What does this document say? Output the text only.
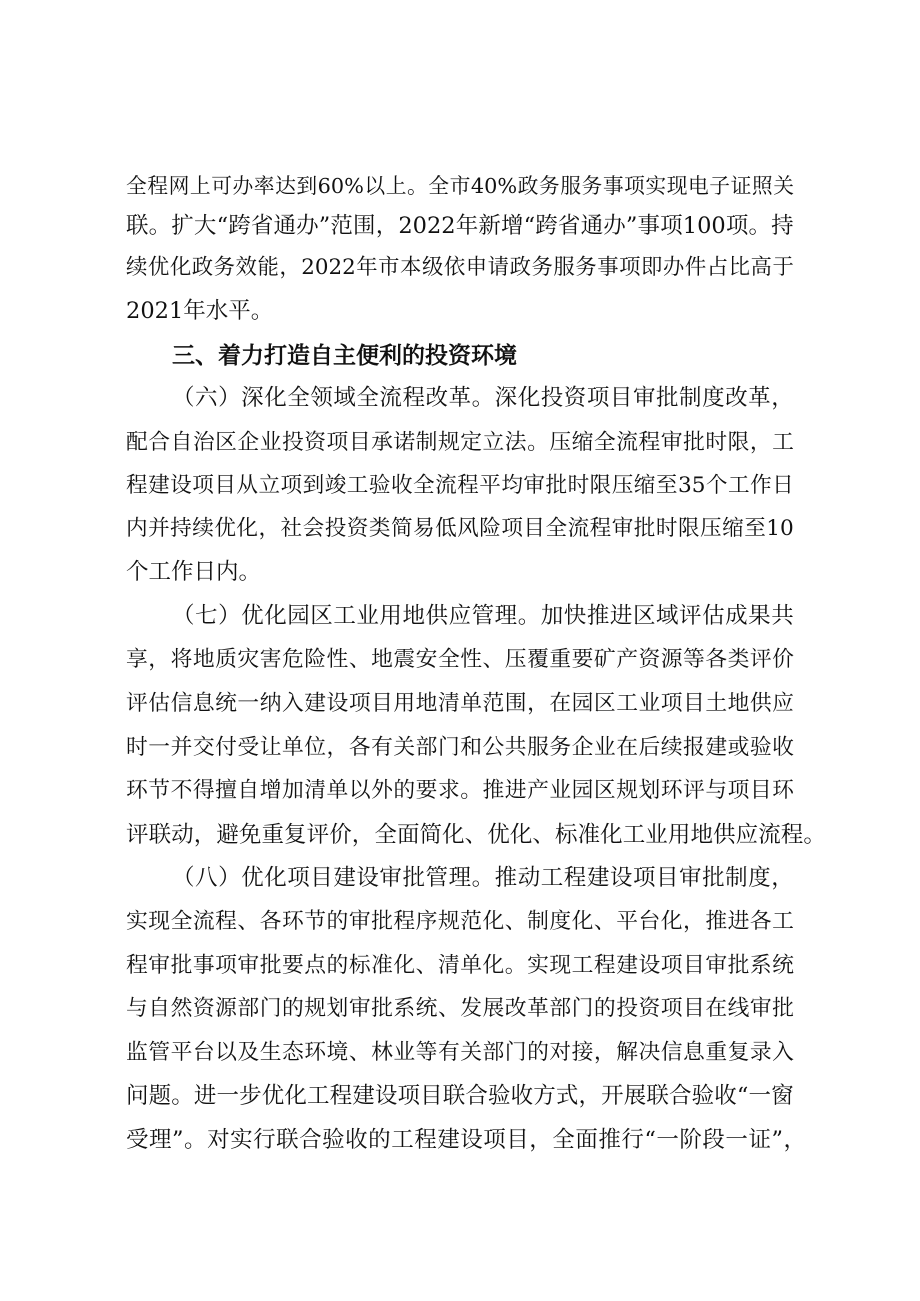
全 程 网 上 可 办 率 达 到 60% 以 上 。 全 市 40% 政 务 服 务 事 项 实 现 电 子 证 照 关
联 。 扩 大 “ 跨 省 通 办 ” 范 围 ， 2022 年 新 增 “ 跨 省 通 办 ” 事 项 100 项 。 持
续 优 化 政 务 效 能 ， 2022 年 市 本 级 依 申 请 政 务 服 务 事 项 即 办 件 占 比 高 于
2021年水平。
三、着力打造自主便利的投资环境
（ 六 ） 深 化 全 领 域 全 流 程 改 革 。 深 化 投 资 项 目 审 批 制 度 改 革 ，
配 合 自 治 区 企 业 投 资 项 目 承 诺 制 规 定 立 法 。 压 缩 全 流 程 审 批 时 限 ， 工
程 建 设 项 目 从 立 项 到 竣 工 验 收 全 流 程 平 均 审 批 时 限 压 缩 至 35 个 工 作 日
内 并 持 续 优 化 ， 社 会 投 资 类 简 易 低 风 险 项 目 全 流 程 审 批 时 限 压 缩 至 10
个工作日内。
（ 七 ） 优 化 园 区 工 业 用 地 供 应 管 理 。 加 快 推 进 区 域 评 估 成 果 共
享 ， 将 地 质 灾 害 危 险 性 、 地 震 安 全 性 、 压 覆 重 要 矿 产 资 源 等 各 类 评 价
评 估 信 息 统 一 纳 入 建 设 项 目 用 地 清 单 范 围 ， 在 园 区 工 业 项 目 土 地 供 应
时 一 并 交 付 受 让 单 位 ， 各 有 关 部 门 和 公 共 服 务 企 业 在 后 续 报 建 或 验 收
环 节 不 得 擅 自 增 加 清 单 以 外 的 要 求 。 推 进 产 业 园 区 规 划 环 评 与 项 目 环
评 联 动 ， 避 免 重 复 评 价 ， 全 面 简 化 、 优 化 、 标 准 化 工 业 用 地 供 应 流 程 。
（ 八 ） 优 化 项 目 建 设 审 批 管 理 。 推 动 工 程 建 设 项 目 审 批 制 度 ，
实 现 全 流 程 、 各 环 节 的 审 批 程 序 规 范 化 、 制 度 化 、 平 台 化 ， 推 进 各 工
程 审 批 事 项 审 批 要 点 的 标 准 化 、 清 单 化 。 实 现 工 程 建 设 项 目 审 批 系 统
与 自 然 资 源 部 门 的 规 划 审 批 系 统 、 发 展 改 革 部 门 的 投 资 项 目 在 线 审 批
监 管 平 台 以 及 生 态 环 境 、 林 业 等 有 关 部 门 的 对 接 ， 解 决 信 息 重 复 录 入
问 题 。 进 一 步 优 化 工 程 建 设 项 目 联 合 验 收 方 式 ， 开 展 联 合 验 收 “ 一 窗
受 理 ” 。 对 实 行 联 合 验 收 的 工 程 建 设 项 目 ， 全 面 推 行 “ 一 阶 段 一 证 ” ，
